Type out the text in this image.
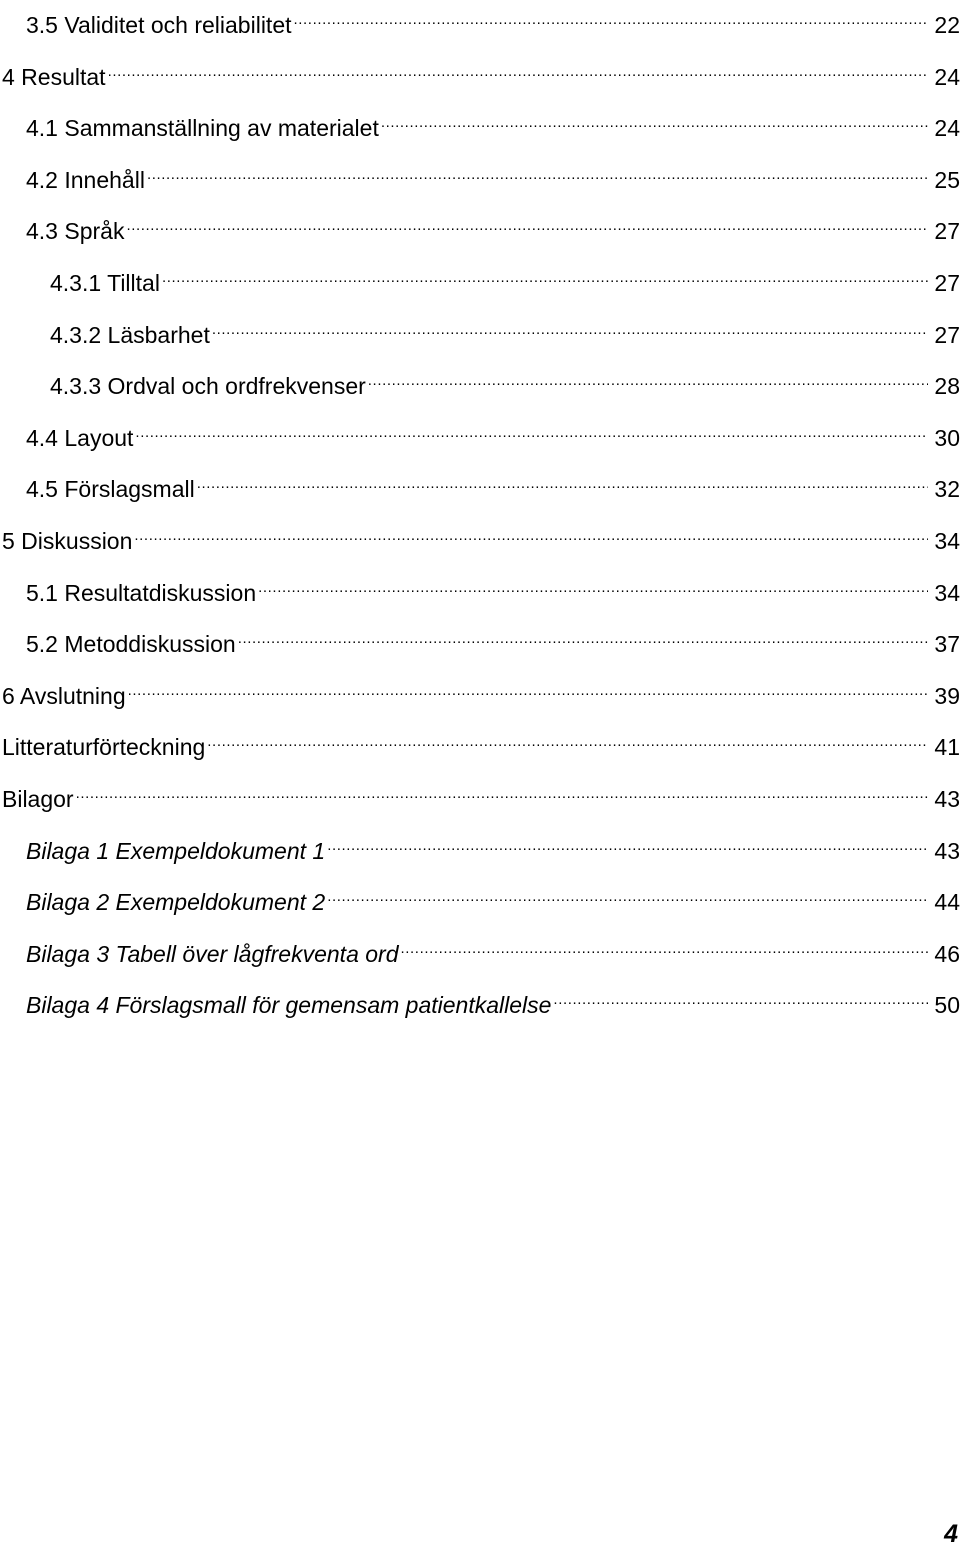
3.5 Validitet och reliabilitet .....	22
4 Resultat .....	24
4.1 Sammanställning av materialet .....	24
4.2 Innehåll .....	25
4.3 Språk .....	27
4.3.1 Tilltal .....	27
4.3.2 Läsbarhet .....	27
4.3.3 Ordval och ordfrekvenser .....	28
4.4 Layout .....	30
4.5 Förslagsmall .....	32
5 Diskussion .....	34
5.1 Resultatdiskussion .....	34
5.2 Metoddiskussion .....	37
6 Avslutning .....	39
Litteraturförteckning .....	41
Bilagor .....	43
Bilaga 1 Exempeldokument 1 .....	43
Bilaga 2 Exempeldokument 2 .....	44
Bilaga 3 Tabell över lågfrekventa ord .....	46
Bilaga 4 Förslagsmall för gemensam patientkallelse .....	50
4
